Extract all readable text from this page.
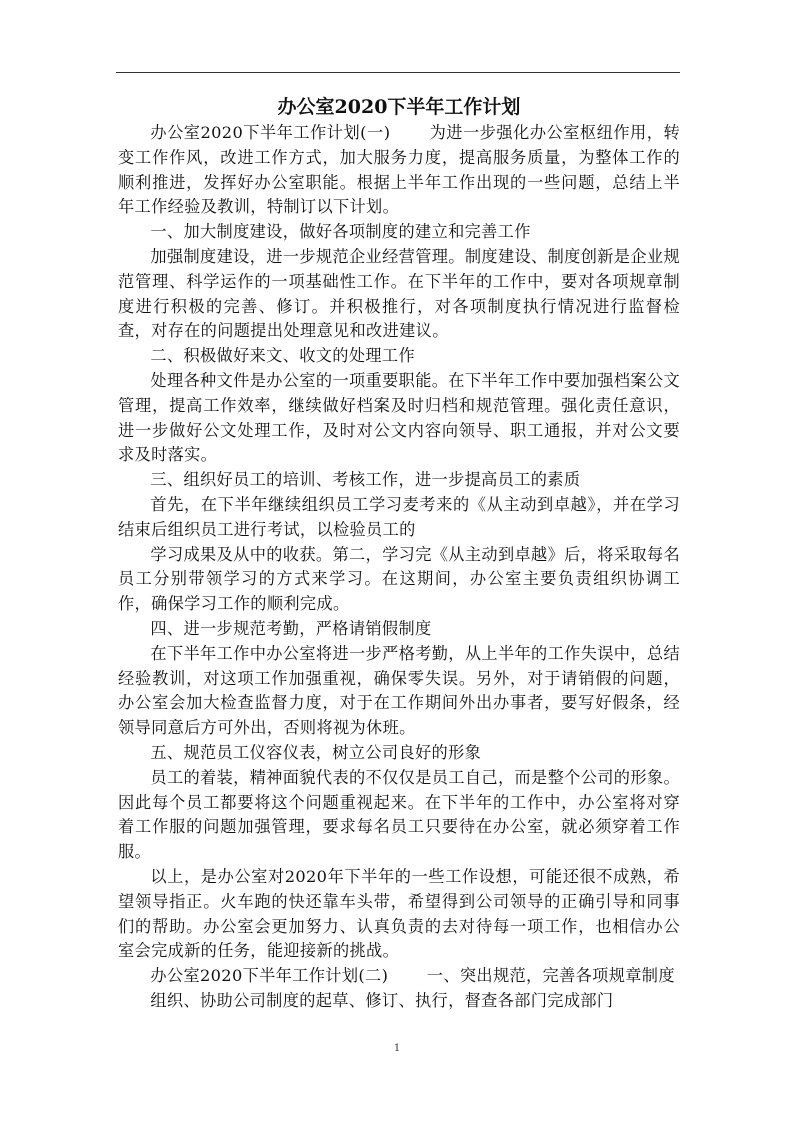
办公室2020下半年工作计划

办公室2020下半年工作计划(一)　　 为进一步强化办公室枢纽作用，转变工作作风，改进工作方式，加大服务力度，提高服务质量，为整体工作的顺利推进，发挥好办公室职能。根据上半年工作出现的一些问题，总结上半年工作经验及教训，特制订以下计划。

一、加大制度建设，做好各项制度的建立和完善工作

加强制度建设，进一步规范企业经营管理。制度建设、制度创新是企业规范管理、科学运作的一项基础性工作。在下半年的工作中，要对各项规章制度进行积极的完善、修订。并积极推行，对各项制度执行情况进行监督检查，对存在的问题提出处理意见和改进建议。

二、积极做好来文、收文的处理工作

处理各种文件是办公室的一项重要职能。在下半年工作中要加强档案公文管理，提高工作效率，继续做好档案及时归档和规范管理。强化责任意识，进一步做好公文处理工作，及时对公文内容向领导、职工通报，并对公文要求及时落实。

三、组织好员工的培训、考核工作，进一步提高员工的素质

首先，在下半年继续组织员工学习麦考来的《从主动到卓越》，并在学习结束后组织员工进行考试，以检验员工的

学习成果及从中的收获。第二，学习完《从主动到卓越》后，将采取每名员工分别带领学习的方式来学习。在这期间，办公室主要负责组织协调工作，确保学习工作的顺利完成。

四、进一步规范考勤，严格请销假制度

在下半年工作中办公室将进一步严格考勤，从上半年的工作失误中，总结经验教训，对这项工作加强重视，确保零失误。另外，对于请销假的问题，办公室会加大检查监督力度，对于在工作期间外出办事者，要写好假条，经领导同意后方可外出，否则将视为休班。

五、规范员工仪容仪表，树立公司良好的形象

员工的着装，精神面貌代表的不仅仅是员工自己，而是整个公司的形象。因此每个员工都要将这个问题重视起来。在下半年的工作中，办公室将对穿着工作服的问题加强管理，要求每名员工只要待在办公室，就必须穿着工作服。

以上，是办公室对2020年下半年的一些工作设想，可能还很不成熟，希望领导指正。火车跑的快还靠车头带，希望得到公司领导的正确引导和同事们的帮助。办公室会更加努力、认真负责的去对待每一项工作，也相信办公室会完成新的任务，能迎接新的挑战。

办公室2020下半年工作计划(二)　　 一、突出规范，完善各项规章制度

组织、协助公司制度的起草、修订、执行，督查各部门完成部门

1
